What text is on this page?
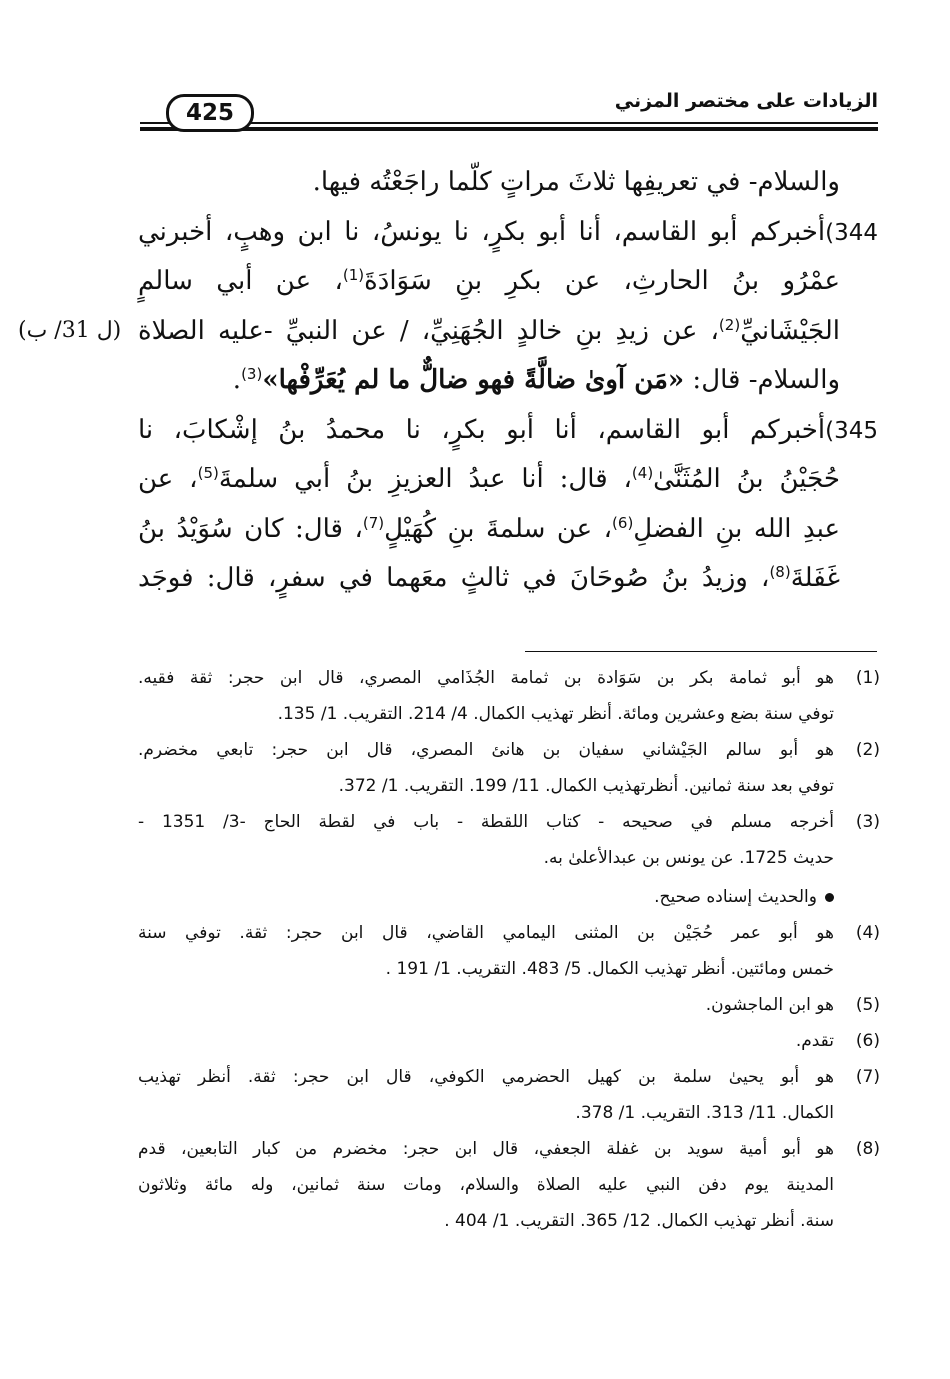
425	الزيادات على مختصر المزني
(ل 31/ ب)
والسلام- في تعريفِها ثلاثَ مراتٍ كلّما راجَعْتُه فيها.
344)أخبركم أبو القاسم، أنا أبو بكرٍ، نا يونسُ، نا ابن وهبٍ، أخبرني
عمْرُو بنُ الحارثِ، عن بكرِ بنِ سَوَادَةَ$^{(1)}$، عن أبي سالمٍ
الجَيْشَانيِّ$^{(2)}$، عن زيدِ بنِ خالدٍ الجُهَنِيِّ، / عن النبيِّ -عليه الصلاة
والسلام- قال: «مَن آوىٰ ضالَّةً فهو ضالٌّ ما لم يُعَرِّفْها»$^{(3)}$.
345)أخبركم أبو القاسم، أنا أبو بكرٍ، نا محمدُ بنُ إشْكابَ، نا
حُجَيْنُ بنُ المُثَنَّىٰ$^{(4)}$، قال: أنا عبدُ العزيزِ بنُ أبي سلمةَ$^{(5)}$، عن
عبدِ الله بنِ الفضلِ$^{(6)}$، عن سلمةَ بنِ كُهَيْلٍ$^{(7)}$، قال: كان سُوَيْدُ بنُ
غَفَلةَ$^{(8)}$، وزيدُ بنُ صُوحَانَ في ثالثٍ معَهما في سفرٍ، قال: فوجَد
(1)
هو أبو ثمامة بكر بن سَوَادة بن ثمامة الجُذَامي المصري، قال ابن حجر: ثقة فقيه.
توفي سنة بضع وعشرين ومائة. أنظر تهذيب الكمال. 4/ 214. التقريب. 1/ 135.
(2)
هو أبو سالم الجَيْشاني سفيان بن هانئ المصري، قال ابن حجر: تابعي مخضرم.
توفي بعد سنة ثمانين. أنظرتهذيب الكمال. 11/ 199. التقريب. 1/ 372.
(3)
أخرجه مسلم في صحيحه - كتاب اللقطة - باب في لقطة الحاج -3/ 1351 -
حديث 1725. عن يونس بن عبدالأعلىٰ به.
والحديث إسناده صحيح.
(4)
هو أبو عمر حُجَيْن بن المثنى اليمامي القاضي، قال ابن حجر: ثقة. توفي سنة
خمس ومائتين. أنظر تهذيب الكمال. 5/ 483. التقريب. 1/ 191 .
(5)
هو ابن الماجشون.
(6)
تقدم.
(7)
هو أبو يحيىٰ سلمة بن كهيل الحضرمي الكوفي، قال ابن حجر: ثقة. أنظر تهذيب
الكمال. 11/ 313. التقريب. 1/ 378.
(8)
هو أبو أمية سويد بن غفلة الجعفي، قال ابن حجر: مخضرم من كبار التابعين، قدم
المدينة يوم دفن النبي عليه الصلاة والسلام، ومات سنة ثمانين، وله مائة وثلاثون
سنة. أنظر تهذيب الكمال. 12/ 365. التقريب. 1/ 404 .
